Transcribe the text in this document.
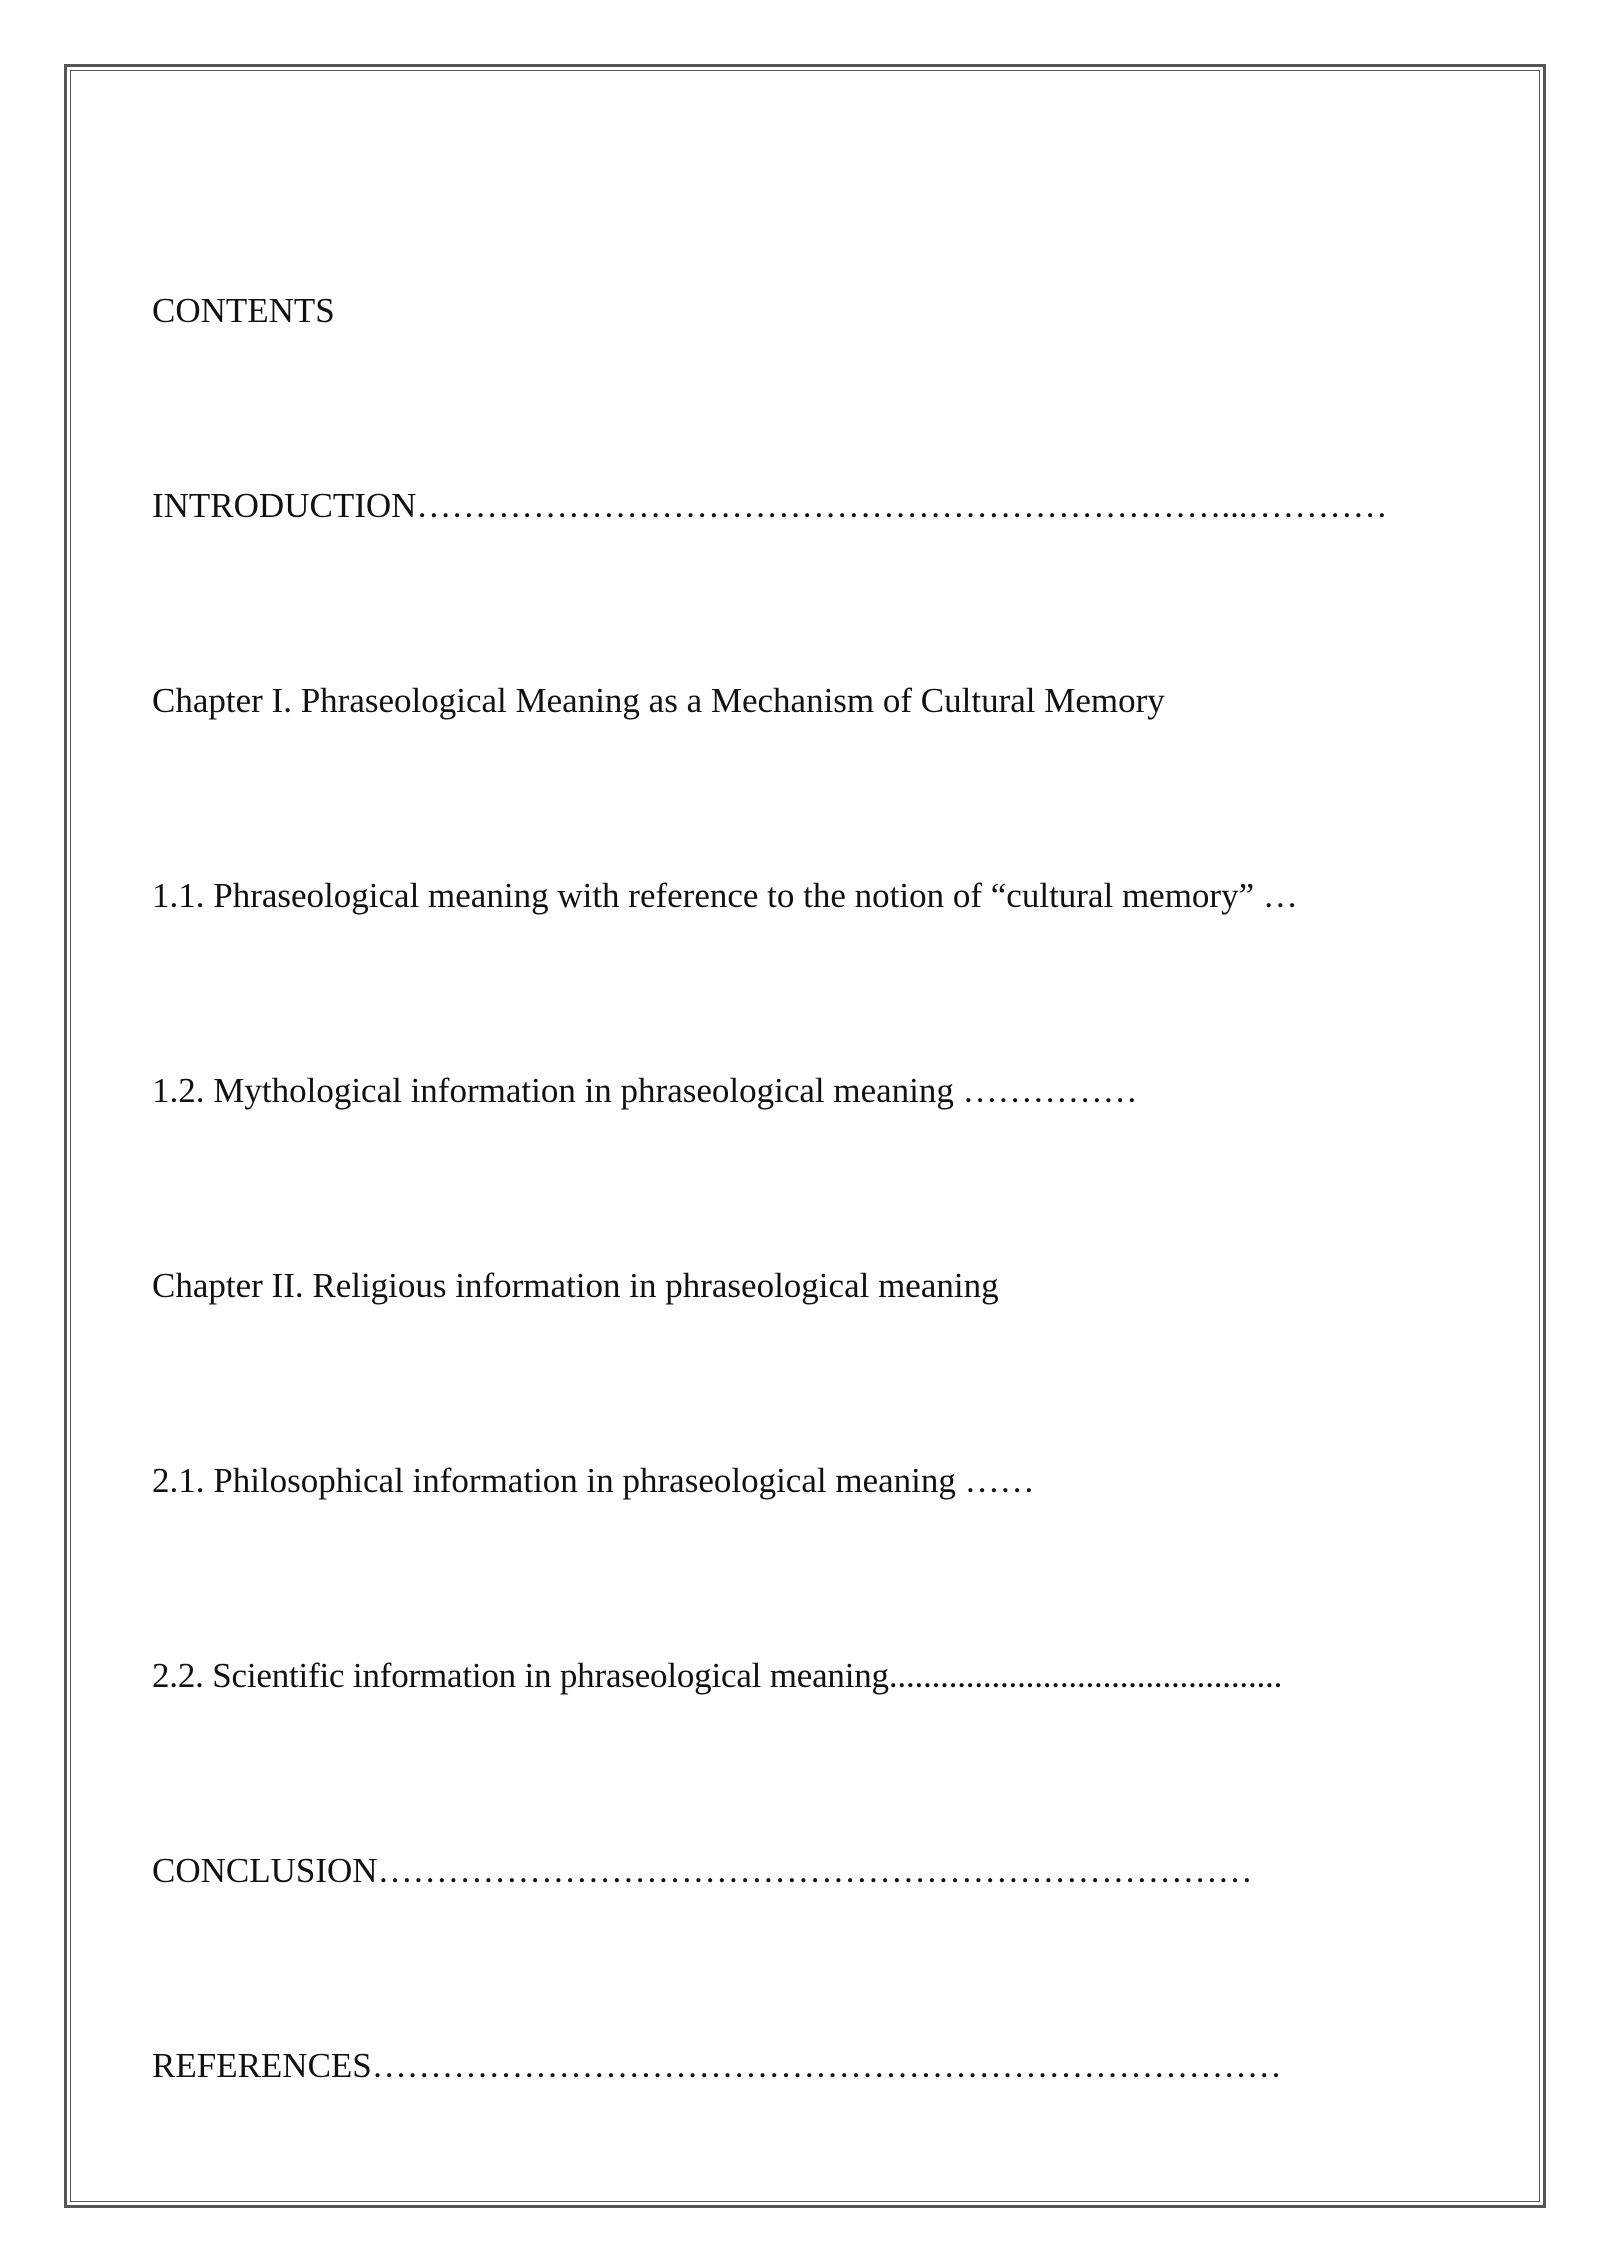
CONTENTS

INTRODUCTION……………………………………………………………...…………

Chapter I. Phraseological Meaning as a Mechanism of Cultural Memory

1.1. Phraseological meaning with reference to the notion of “cultural memory” …

1.2. Mythological information in phraseological meaning ……………

Chapter II. Religious information in phraseological meaning

2.1. Philosophical information in phraseological meaning ……

2.2. Scientific information in phraseological meaning..............................................

CONCLUSION…………………………………………………………………

REFERENCES……………………………………………………………………
